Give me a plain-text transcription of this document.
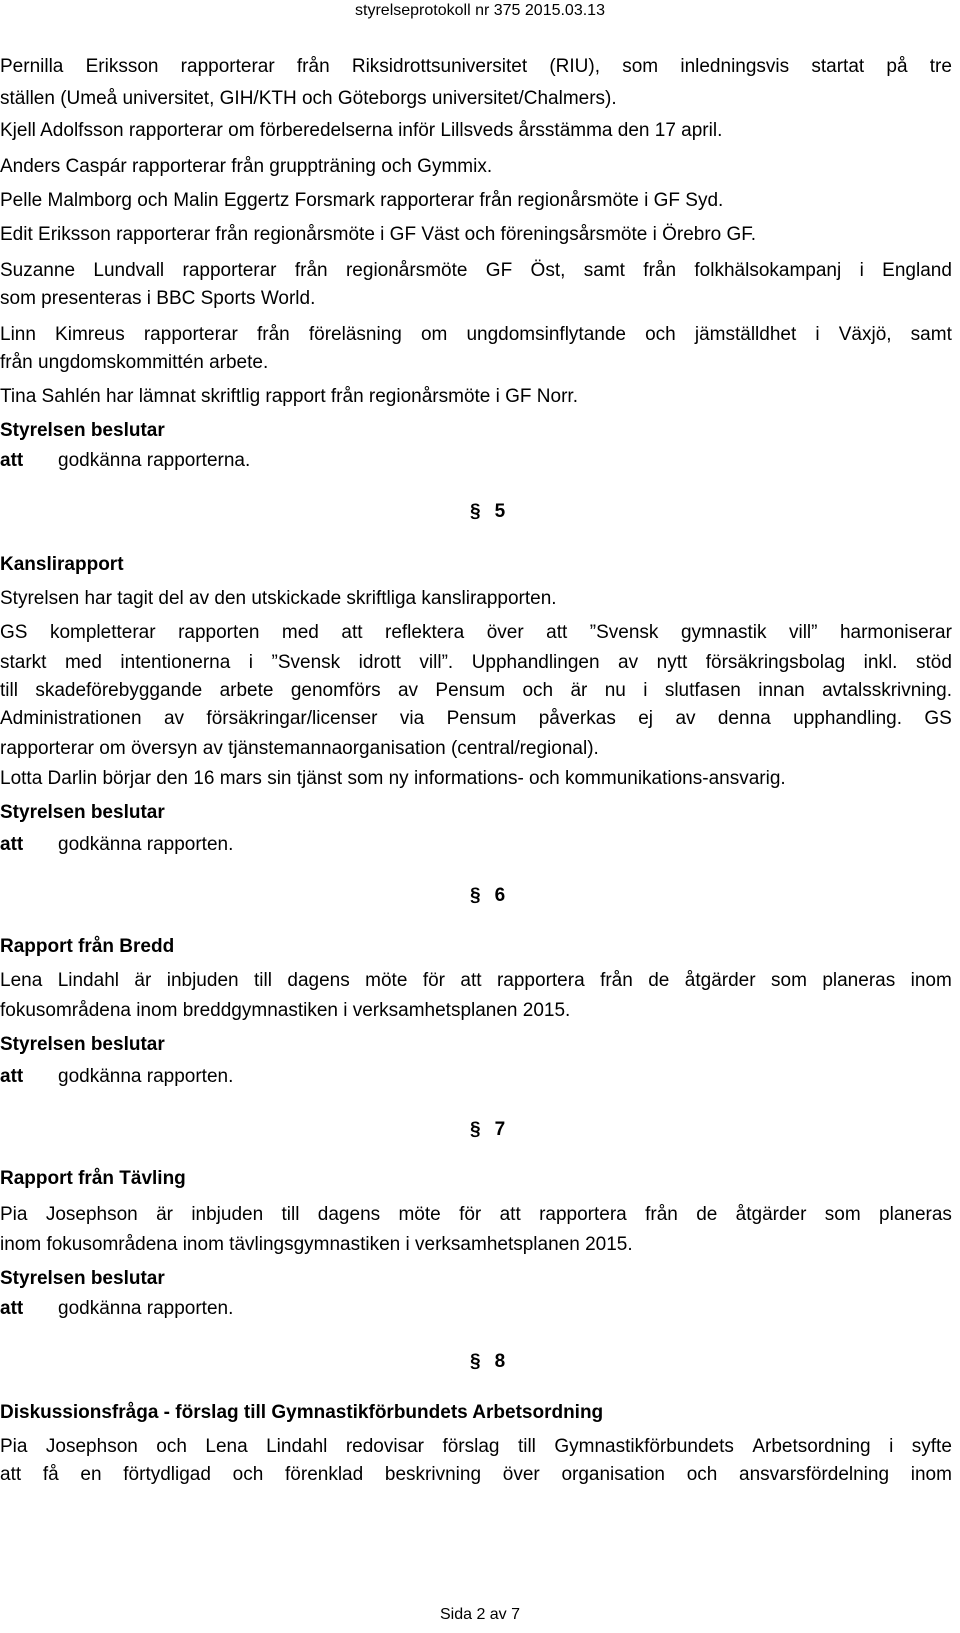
styrelseprotokoll nr 375 2015.03.13
Pernilla Eriksson rapporterar från Riksidrottsuniversitet (RIU), som inledningsvis startat på tre
ställen (Umeå universitet, GIH/KTH och Göteborgs universitet/Chalmers).
Kjell Adolfsson rapporterar om förberedelserna inför Lillsveds årsstämma den 17 april.
Anders Caspár rapporterar från gruppträning och Gymmix.
Pelle Malmborg och Malin Eggertz Forsmark rapporterar från regionårsmöte i GF Syd.
Edit Eriksson rapporterar från regionårsmöte i GF Väst och föreningsårsmöte i Örebro GF.
Suzanne Lundvall rapporterar från regionårsmöte GF Öst, samt från folkhälsokampanj i England
som presenteras i BBC Sports World.
Linn Kimreus rapporterar från föreläsning om ungdomsinflytande och jämställdhet i Växjö, samt
från ungdomskommittén arbete.
Tina Sahlén har lämnat skriftlig rapport från regionårsmöte i GF Norr.
Styrelsen beslutar
att godkänna rapporterna.
§ 5
Kanslirapport
Styrelsen har tagit del av den utskickade skriftliga kanslirapporten.
GS kompletterar rapporten med att reflektera över att ”Svensk gymnastik vill” harmoniserar
starkt med intentionerna i ”Svensk idrott vill”. Upphandlingen av nytt försäkringsbolag inkl. stöd
till skadeförebyggande arbete genomförs av Pensum och är nu i slutfasen innan avtalsskrivning.
Administrationen av försäkringar/licenser via Pensum påverkas ej av denna upphandling. GS
rapporterar om översyn av tjänstemannaorganisation (central/regional).
Lotta Darlin börjar den 16 mars sin tjänst som ny informations- och kommunikations-ansvarig.
Styrelsen beslutar
att godkänna rapporten.
§ 6
Rapport från Bredd
Lena Lindahl är inbjuden till dagens möte för att rapportera från de åtgärder som planeras inom
fokusområdena inom breddgymnastiken i verksamhetsplanen 2015.
Styrelsen beslutar
att godkänna rapporten.
§ 7
Rapport från Tävling
Pia Josephson är inbjuden till dagens möte för att rapportera från de åtgärder som planeras
inom fokusområdena inom tävlingsgymnastiken i verksamhetsplanen 2015.
Styrelsen beslutar
att godkänna rapporten.
§ 8
Diskussionsfråga - förslag till Gymnastikförbundets Arbetsordning
Pia Josephson och Lena Lindahl redovisar förslag till Gymnastikförbundets Arbetsordning i syfte
att få en förtydligad och förenklad beskrivning över organisation och ansvarsfördelning inom
Sida 2 av 7
